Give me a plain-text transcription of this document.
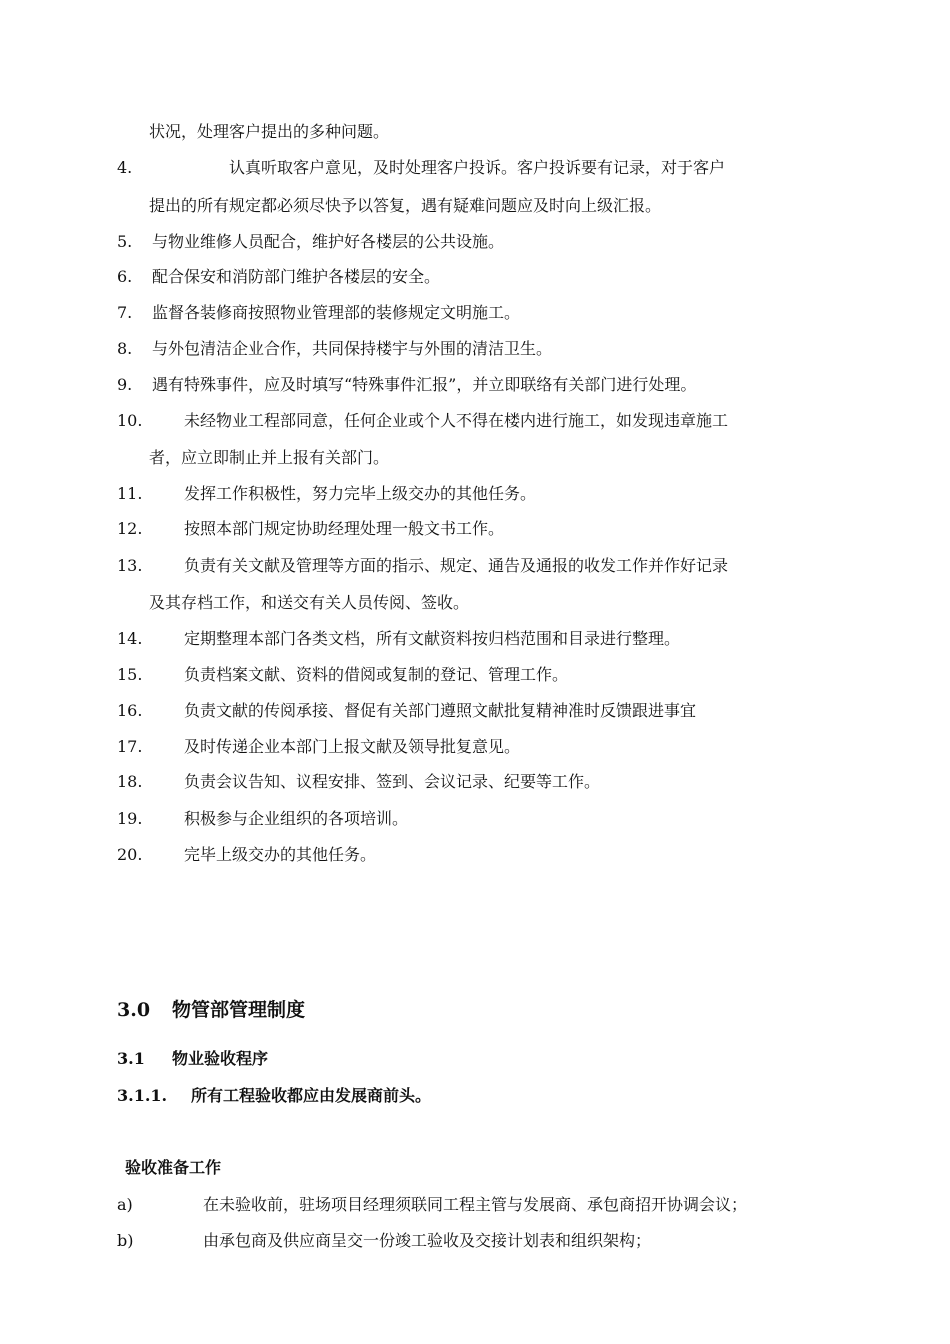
状况，处理客户提出的多种问题。
4.	认真听取客户意见，及时处理客户投诉。客户投诉要有记录，对于客户
提出的所有规定都必须尽快予以答复，遇有疑难问题应及时向上级汇报。
5. 与物业维修人员配合，维护好各楼层的公共设施。
6. 配合保安和消防部门维护各楼层的安全。
7. 监督各装修商按照物业管理部的装修规定文明施工。
8. 与外包清洁企业合作，共同保持楼宇与外围的清洁卫生。
9. 遇有特殊事件，应及时填写“特殊事件汇报”，并立即联络有关部门进行处理。
10.	未经物业工程部同意，任何企业或个人不得在楼内进行施工，如发现违章施工
者，应立即制止并上报有关部门。
11.	发挥工作积极性，努力完毕上级交办的其他任务。
12.	按照本部门规定协助经理处理一般文书工作。
13.	负责有关文献及管理等方面的指示、规定、通告及通报的收发工作并作好记录
及其存档工作，和送交有关人员传阅、签收。
14.	定期整理本部门各类文档，所有文献资料按归档范围和目录进行整理。
15.	负责档案文献、资料的借阅或复制的登记、管理工作。
16.	负责文献的传阅承接、督促有关部门遵照文献批复精神准时反馈跟进事宜
17.	及时传递企业本部门上报文献及领导批复意见。
18.	负责会议告知、议程安排、签到、会议记录、纪要等工作。
19.	积极参与企业组织的各项培训。
20.	完毕上级交办的其他任务。
3.0 物管部管理制度
3.1 物业验收程序
3.1.1. 所有工程验收都应由发展商前头。
验收准备工作
a)	在未验收前，驻场项目经理须联同工程主管与发展商、承包商招开协调会议；
b)	由承包商及供应商呈交一份竣工验收及交接计划表和组织架构；
